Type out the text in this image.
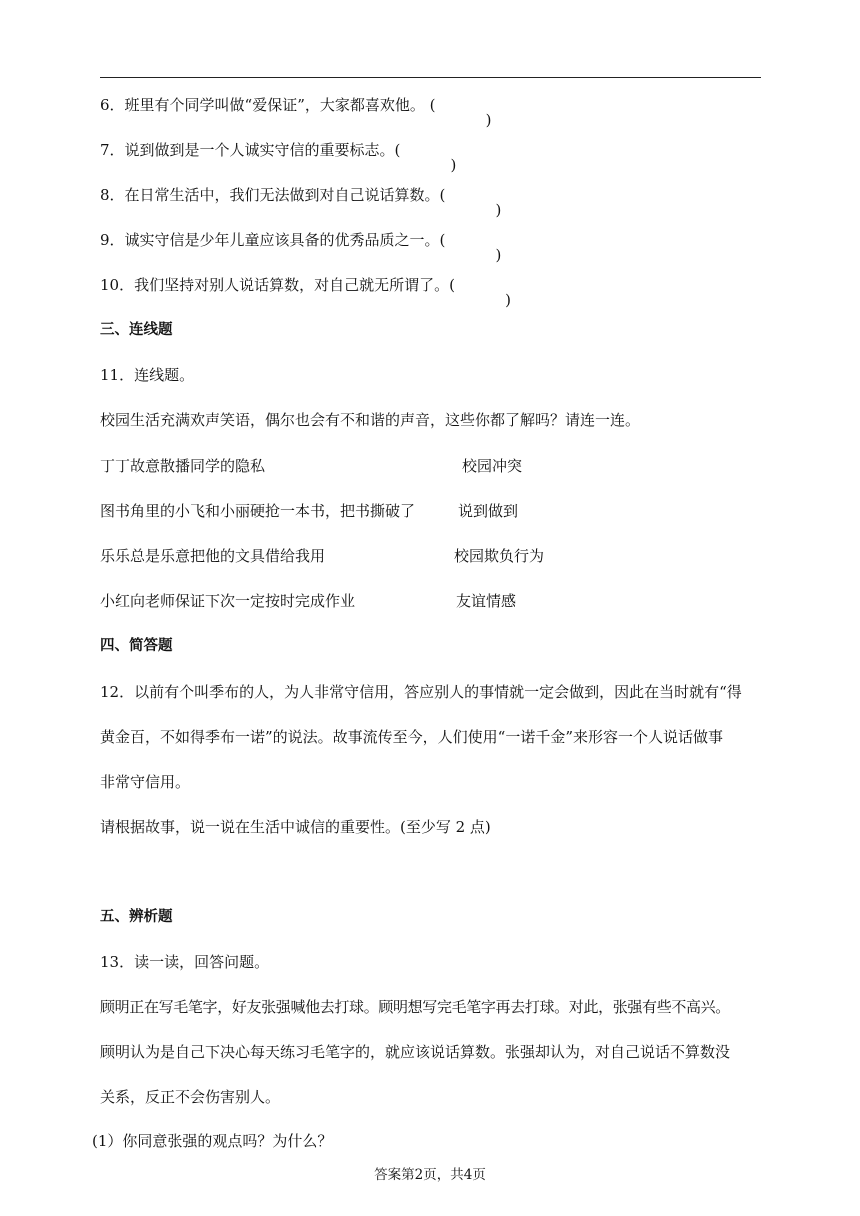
6．班里有个同学叫做“爱保证”，大家都喜欢他。 (
)
7．说到做到是一个人诚实守信的重要标志。(
)
8．在日常生活中，我们无法做到对自己说话算数。(
)
9．诚实守信是少年儿童应该具备的优秀品质之一。(
)
10．我们坚持对别人说话算数，对自己就无所谓了。(
)
三、连线题
11．连线题。
校园生活充满欢声笑语，偶尔也会有不和谐的声音，这些你都了解吗？请连一连。
丁丁故意散播同学的隐私	校园冲突
图书角里的小飞和小丽硬抢一本书，把书撕破了	说到做到
乐乐总是乐意把他的文具借给我用	校园欺负行为
小红向老师保证下次一定按时完成作业	友谊情感
四、简答题
12．以前有个叫季布的人，为人非常守信用，答应别人的事情就一定会做到，因此在当时就有“得
黄金百，不如得季布一诺”的说法。故事流传至今，人们使用“一诺千金”来形容一个人说话做事
非常守信用。
请根据故事，说一说在生活中诚信的重要性。(至少写 2 点)
五、辨析题
13．读一读，回答问题。
顾明正在写毛笔字，好友张强喊他去打球。顾明想写完毛笔字再去打球。对此，张强有些不高兴。
顾明认为是自己下决心每天练习毛笔字的，就应该说话算数。张强却认为，对自己说话不算数没
关系，反正不会伤害别人。
(1）你同意张强的观点吗？为什么？
答案第2页，共4页
